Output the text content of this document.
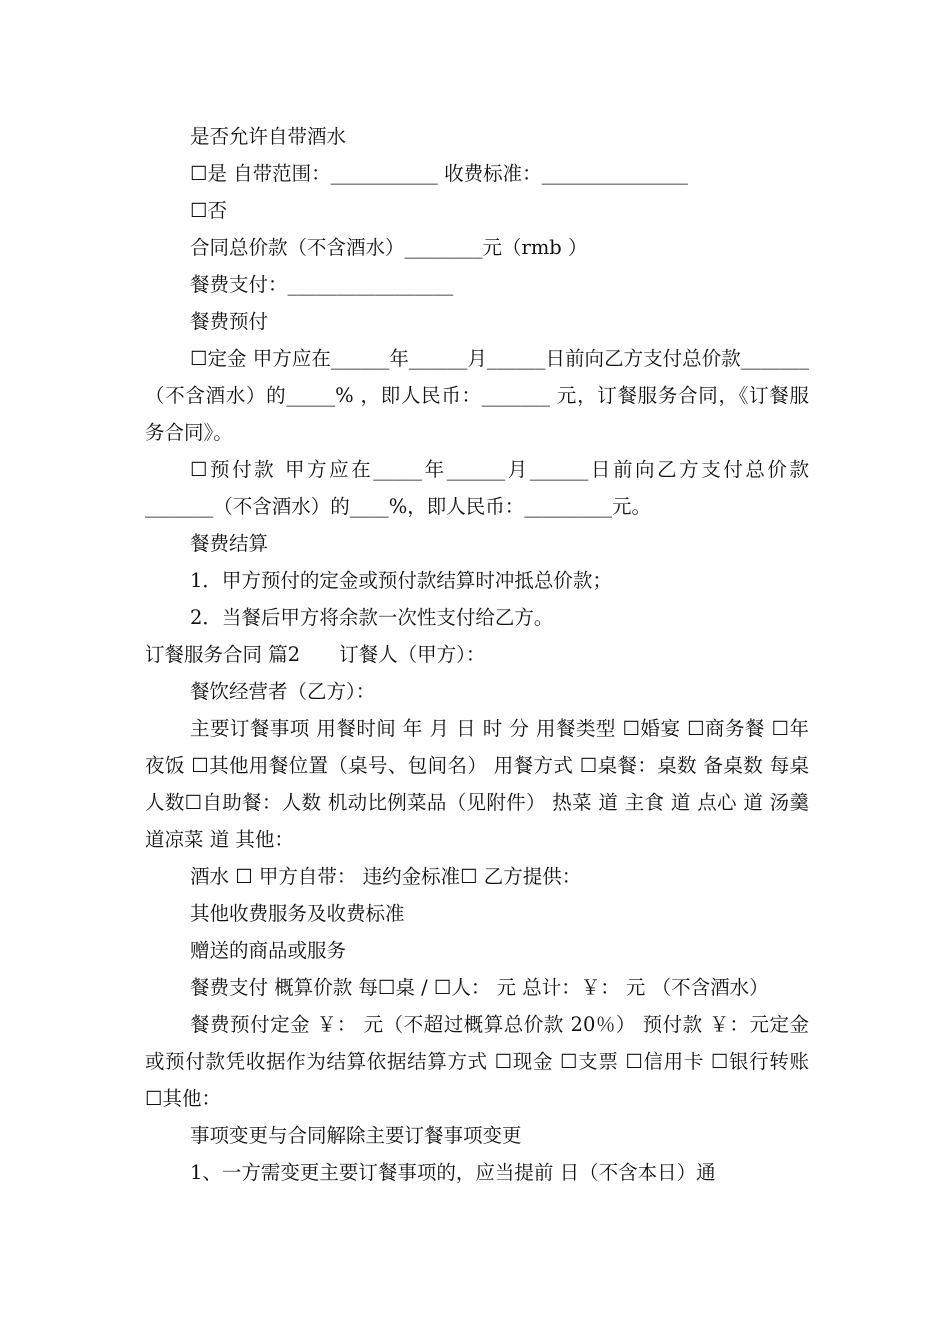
是否允许自带酒水

☐是 自带范围：___________ 收费标准：_______________

☐否

合同总价款（不含酒水）________元（rmb ）

餐费支付：_________________

餐费预付

☐定金 甲方应在______年______月______日前向乙方支付总价款_______（不含酒水）的_____% ，即人民币：_______ 元，订餐服务合同，《订餐服务合同》。

☐预付款 甲方应在_____年______月______日前向乙方支付总价款_______（不含酒水）的____%，即人民币：_________元。

餐费结算

1．甲方预付的定金或预付款结算时冲抵总价款；

2．当餐后甲方将余款一次性支付给乙方。

订餐服务合同 篇2　　订餐人（甲方）：

餐饮经营者（乙方）：

主要订餐事项 用餐时间 年 月 日 时 分 用餐类型 ☐婚宴 ☐商务餐 ☐年夜饭 ☐其他用餐位置（桌号、包间名） 用餐方式 ☐桌餐：桌数 备桌数 每桌人数☐自助餐：人数 机动比例菜品（见附件） 热菜 道 主食 道 点心 道 汤羹 道凉菜 道 其他：

酒水 ☐ 甲方自带： 违约金标准☐ 乙方提供：

其他收费服务及收费标准

赠送的商品或服务

餐费支付 概算价款 每☐桌 / ☐人： 元 总计：￥： 元 （不含酒水）

餐费预付定金 ￥： 元（不超过概算总价款 20％） 预付款 ￥：元定金或预付款凭收据作为结算依据结算方式 ☐现金 ☐支票 ☐信用卡 ☐银行转账 ☐其他：

事项变更与合同解除主要订餐事项变更

1、一方需变更主要订餐事项的，应当提前 日（不含本日）通
